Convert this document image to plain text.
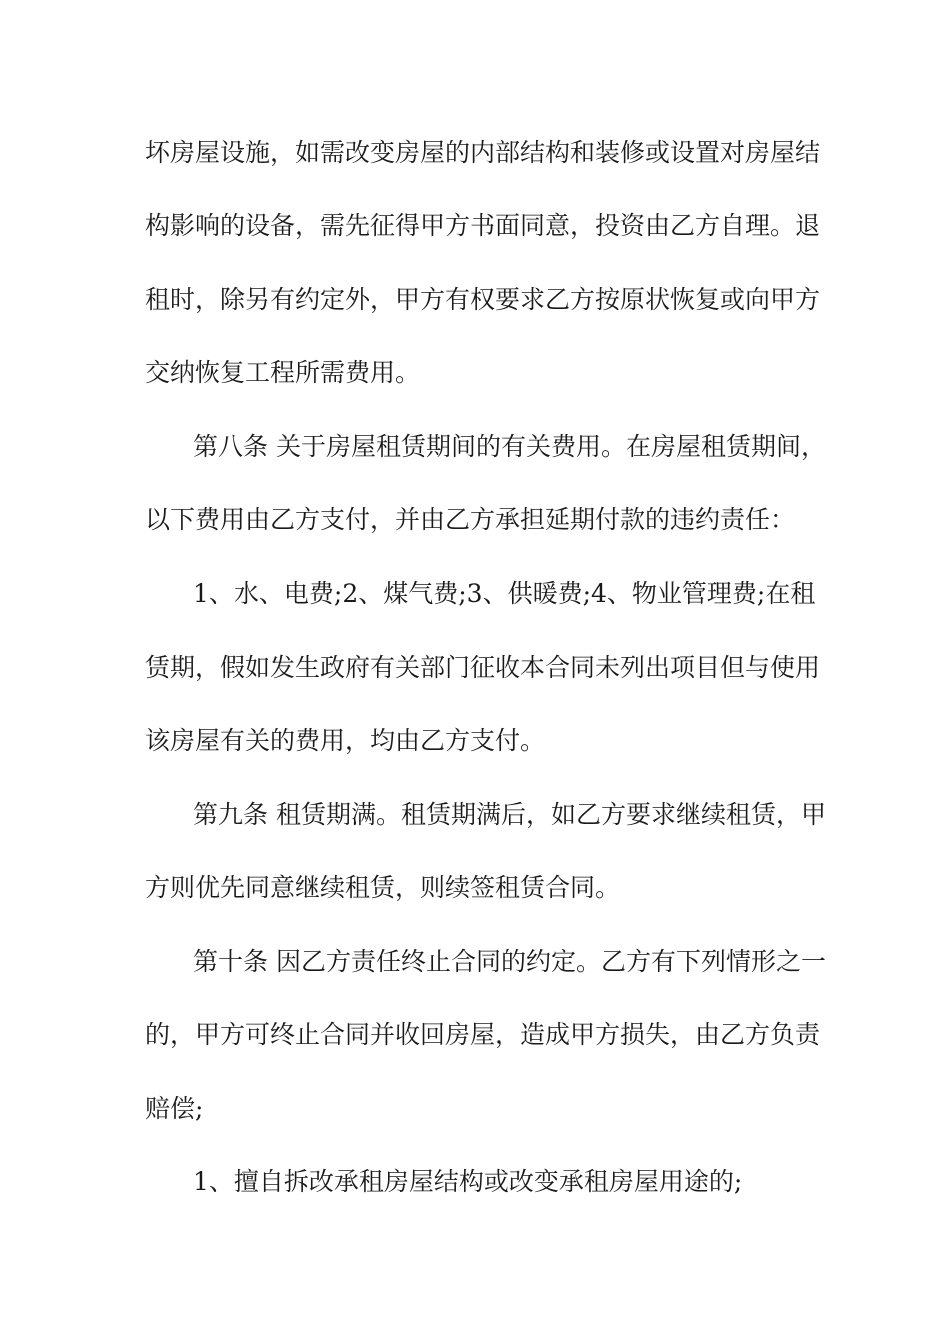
坏房屋设施，如需改变房屋的内部结构和装修或设置对房屋结
构影响的设备，需先征得甲方书面同意，投资由乙方自理。退
租时，除另有约定外，甲方有权要求乙方按原状恢复或向甲方
交纳恢复工程所需费用。
第八条 关于房屋租赁期间的有关费用。在房屋租赁期间，
以下费用由乙方支付，并由乙方承担延期付款的违约责任：
1、水、电费;2、煤气费;3、供暖费;4、物业管理费;在租
赁期，假如发生政府有关部门征收本合同未列出项目但与使用
该房屋有关的费用，均由乙方支付。
第九条 租赁期满。租赁期满后，如乙方要求继续租赁，甲
方则优先同意继续租赁，则续签租赁合同。
第十条 因乙方责任终止合同的约定。乙方有下列情形之一
的，甲方可终止合同并收回房屋，造成甲方损失，由乙方负责
赔偿;
1、擅自拆改承租房屋结构或改变承租房屋用途的;
